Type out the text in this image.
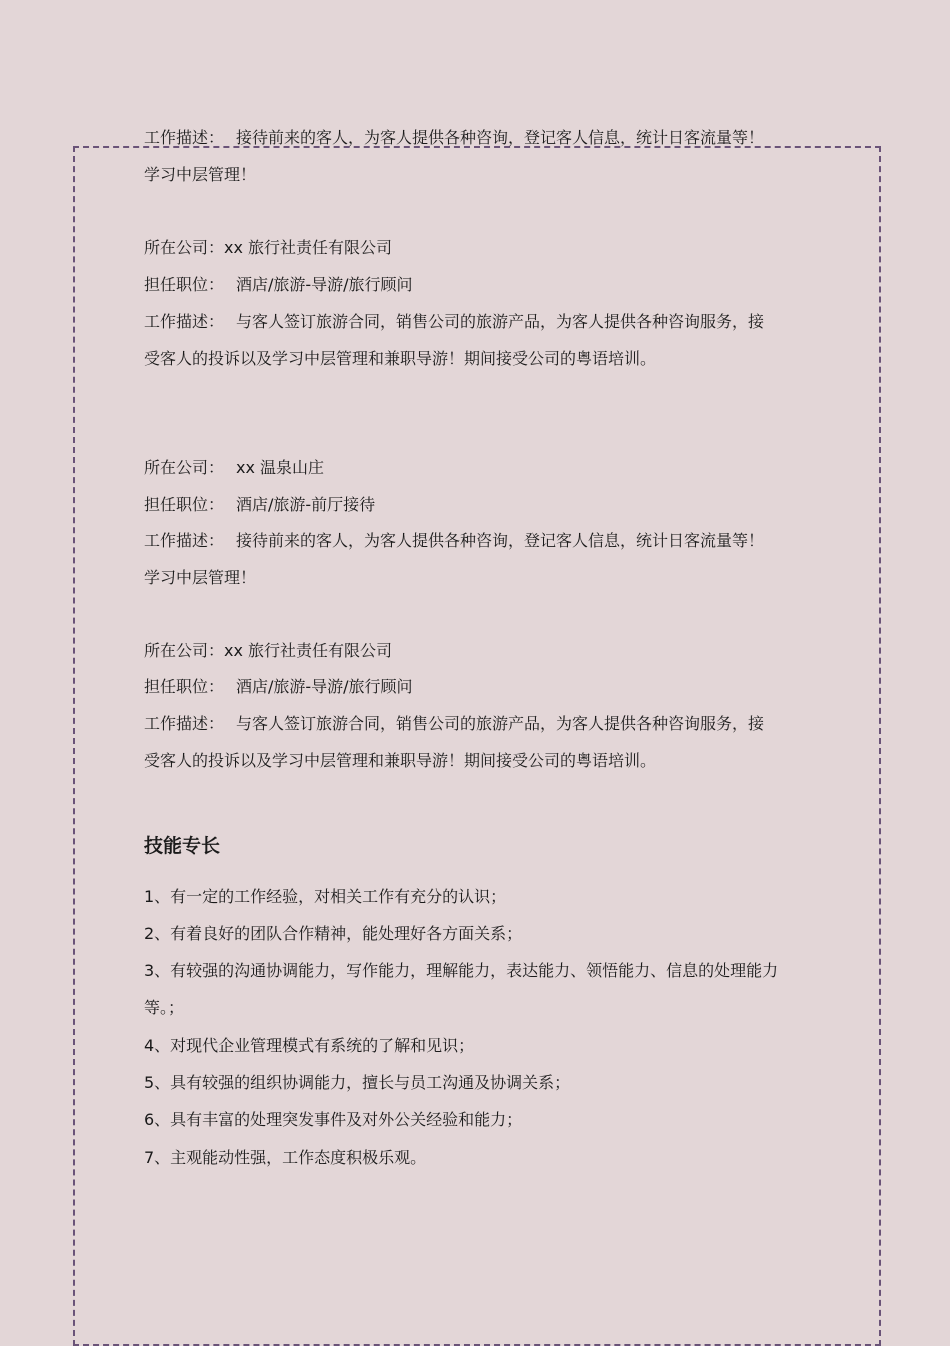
工作描述： 接待前来的客人，为客人提供各种咨询，登记客人信息，统计日客流量等！
学习中层管理！
所在公司：xx 旅行社责任有限公司
担任职位： 酒店/旅游-导游/旅行顾问
工作描述： 与客人签订旅游合同，销售公司的旅游产品，为客人提供各种咨询服务，接
受客人的投诉以及学习中层管理和兼职导游！期间接受公司的粤语培训。
所在公司： xx 温泉山庄
担任职位： 酒店/旅游-前厅接待
工作描述： 接待前来的客人，为客人提供各种咨询，登记客人信息，统计日客流量等！
学习中层管理！
所在公司：xx 旅行社责任有限公司
担任职位： 酒店/旅游-导游/旅行顾问
工作描述： 与客人签订旅游合同，销售公司的旅游产品，为客人提供各种咨询服务，接
受客人的投诉以及学习中层管理和兼职导游！期间接受公司的粤语培训。
技能专长
1、有一定的工作经验，对相关工作有充分的认识；
2、有着良好的团队合作精神，能处理好各方面关系；
3、有较强的沟通协调能力，写作能力，理解能力，表达能力、领悟能力、信息的处理能力
等。；
4、对现代企业管理模式有系统的了解和见识；
5、具有较强的组织协调能力，擅长与员工沟通及协调关系；
6、具有丰富的处理突发事件及对外公关经验和能力；
7、主观能动性强，工作态度积极乐观。
